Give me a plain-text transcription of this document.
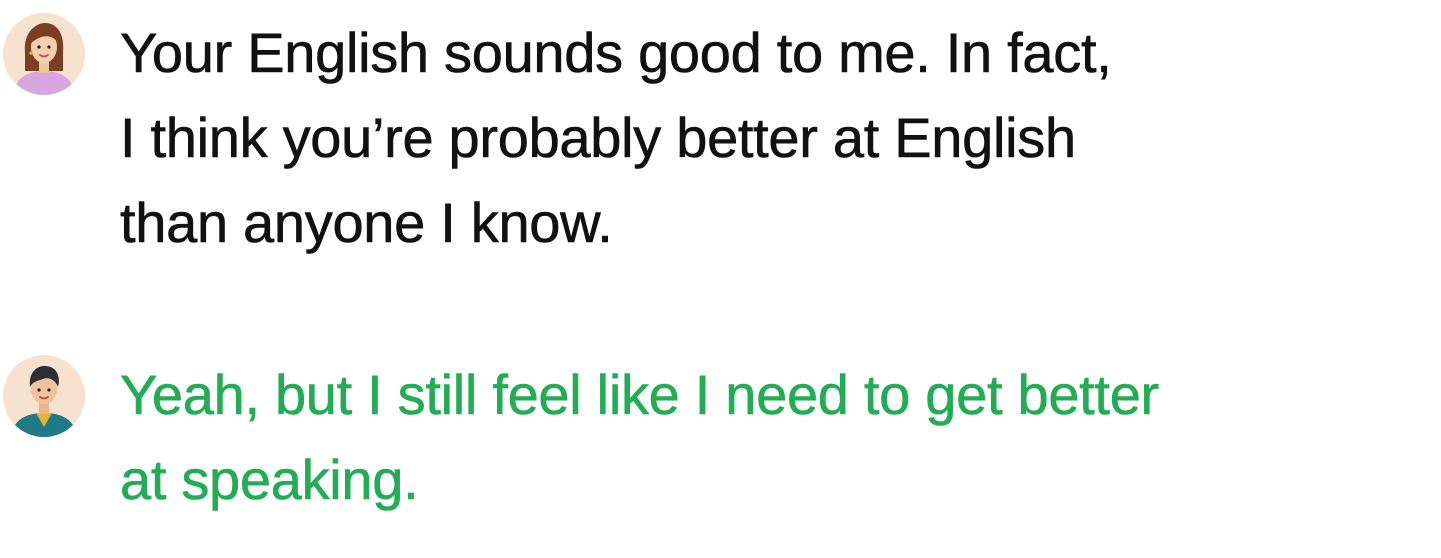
Your English sounds good to me. In fact,
I think you’re probably better at English
than anyone I know.
Yeah, but I still feel like I need to get better
at speaking.
